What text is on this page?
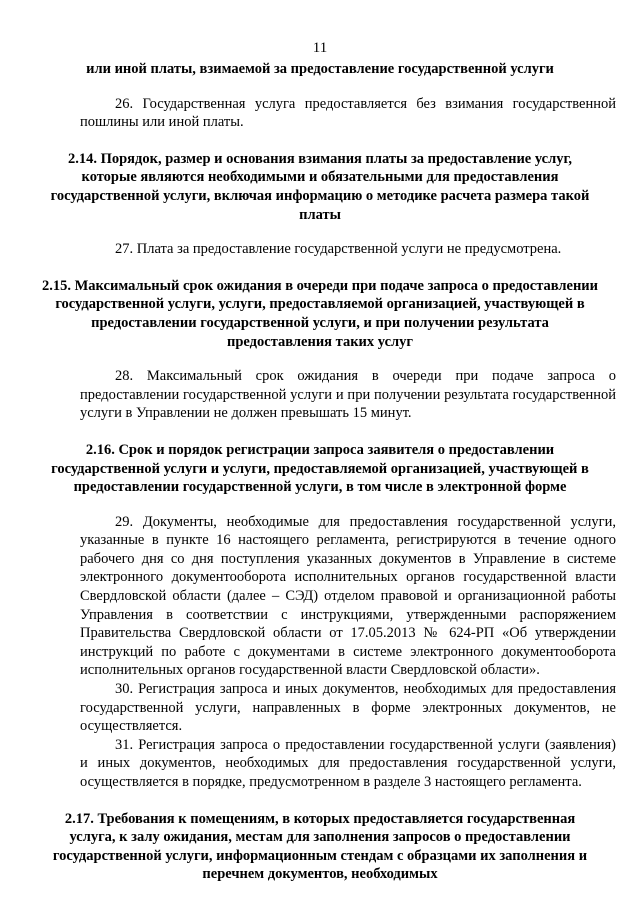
11

или иной платы, взимаемой за предоставление государственной услуги

26. Государственная услуга предоставляется без взимания государственной пошлины или иной платы.

2.14. Порядок, размер и основания взимания платы за предоставление услуг, которые являются необходимыми и обязательными для предоставления государственной услуги, включая информацию о методике расчета размера такой платы

27. Плата за предоставление государственной услуги не предусмотрена.

2.15. Максимальный срок ожидания в очереди при подаче запроса о предоставлении государственной услуги, услуги, предоставляемой организацией, участвующей в предоставлении государственной услуги, и при получении результата предоставления таких услуг

28. Максимальный срок ожидания в очереди при подаче запроса о предоставлении государственной услуги и при получении результата государственной услуги в Управлении не должен превышать 15 минут.

2.16. Срок и порядок регистрации запроса заявителя о предоставлении государственной услуги и услуги, предоставляемой организацией, участвующей в предоставлении государственной услуги, в том числе в электронной форме

29. Документы, необходимые для предоставления государственной услуги, указанные в пункте 16 настоящего регламента, регистрируются в течение одного рабочего дня со дня поступления указанных документов в Управление в системе электронного документооборота исполнительных органов государственной власти Свердловской области (далее – СЭД) отделом правовой и организационной работы Управления в соответствии с инструкциями, утвержденными распоряжением Правительства Свердловской области от 17.05.2013 № 624-РП «Об утверждении инструкций по работе с документами в системе электронного документооборота исполнительных органов государственной власти Свердловской области».

30. Регистрация запроса и иных документов, необходимых для предоставления государственной услуги, направленных в форме электронных документов, не осуществляется.

31. Регистрация запроса о предоставлении государственной услуги (заявления) и иных документов, необходимых для предоставления государственной услуги, осуществляется в порядке, предусмотренном в разделе 3 настоящего регламента.

2.17. Требования к помещениям, в которых предоставляется государственная услуга, к залу ожидания, местам для заполнения запросов о предоставлении государственной услуги, информационным стендам с образцами их заполнения и перечнем документов, необходимых
